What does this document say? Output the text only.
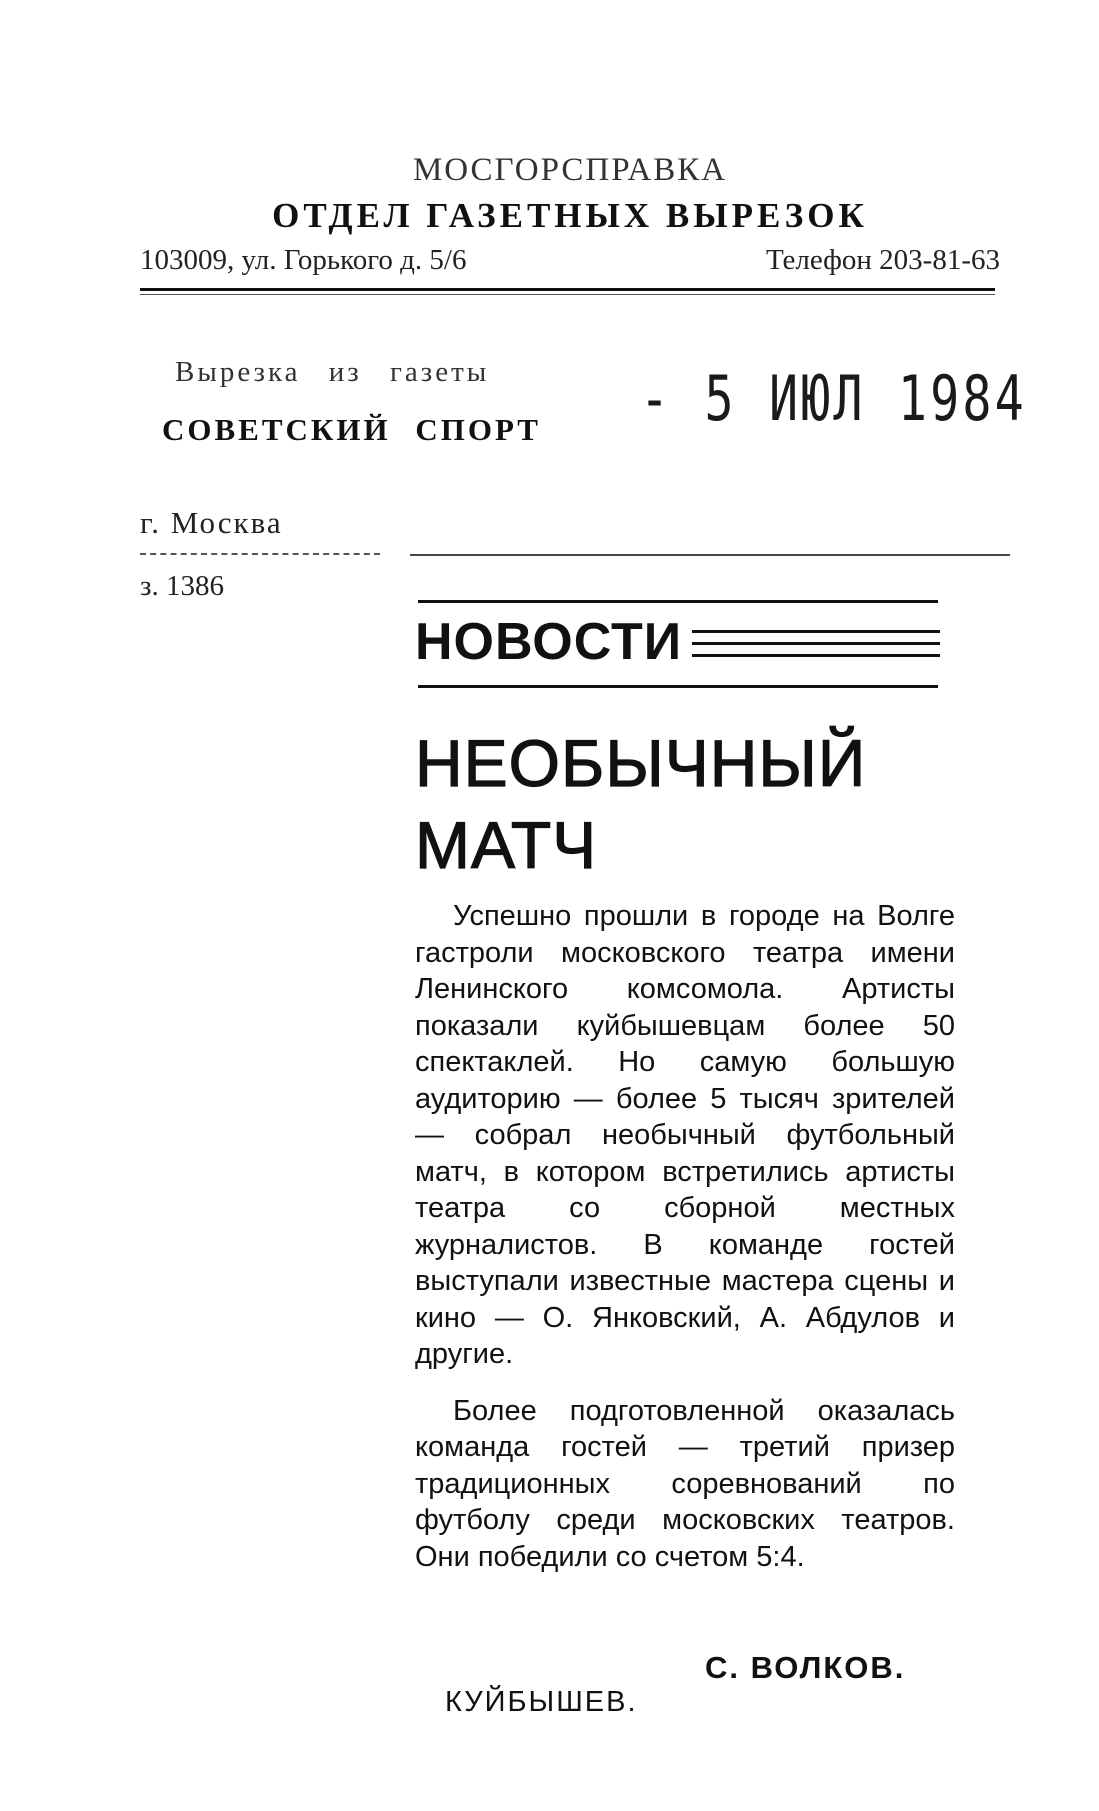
МОСГОРСПРАВКА
ОТДЕЛ ГАЗЕТНЫХ ВЫРЕЗОК
103009, ул. Горького д. 5/6	Телефон 203-81-63
Вырезка из газеты
СОВЕТСКИЙ СПОРТ - 5 ИЮЛ 1984
г. Москва
з. 1386
НОВОСТИ
НЕОБЫЧНЫЙ
МАТЧ

Успешно прошли в городе на Волге гастроли московского театра имени Ленинского комсомола. Артисты показали куйбышевцам более 50 спектаклей. Но самую большую аудиторию — более 5 тысяч зрителей — собрал необычный футбольный матч, в котором встретились артисты театра со сборной местных журналистов. В команде гостей выступали известные мастера сцены и кино — О. Янковский, А. Абдулов и другие.

Более подготовленной оказалась команда гостей — третий призер традиционных соревнований по футболу среди московских театров. Они победили со счетом 5:4.

С. ВОЛКОВ.
КУЙБЫШЕВ.
